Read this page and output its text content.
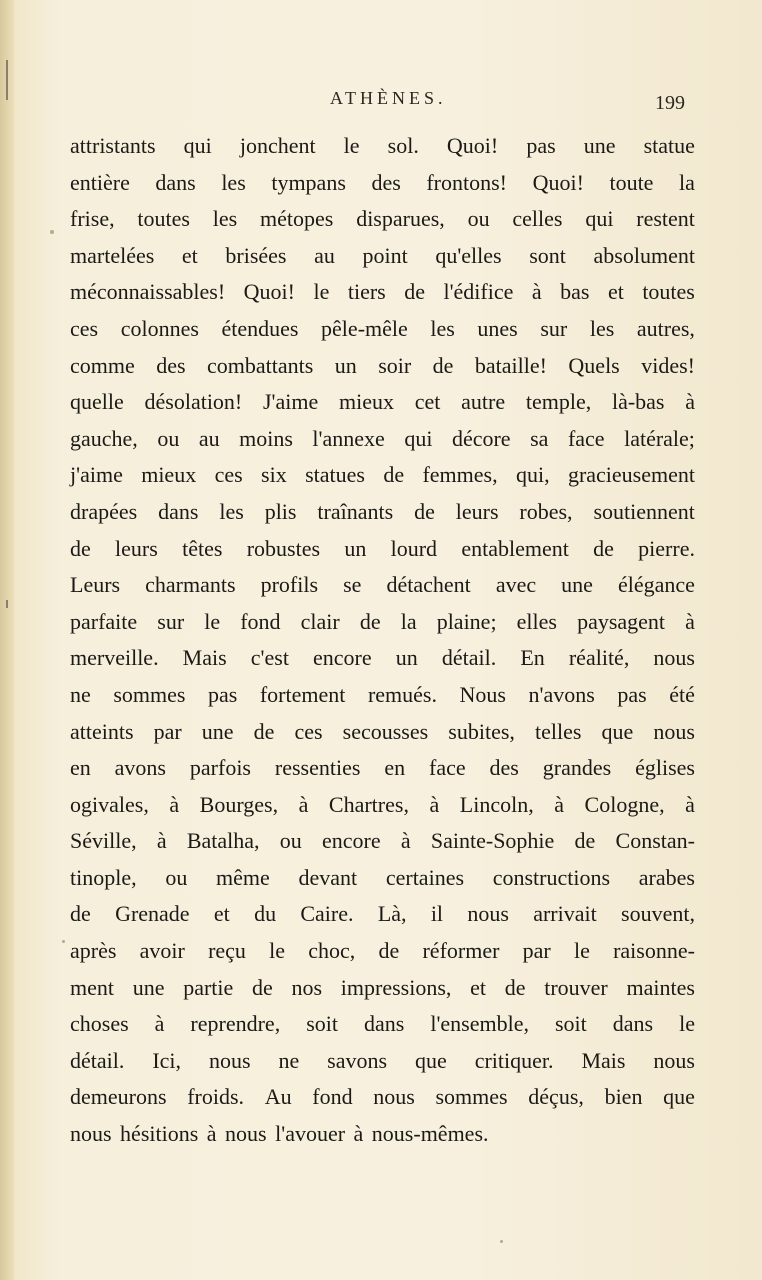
ATHÈNES.	199
attristants qui jonchent le sol. Quoi! pas une statue
entière dans les tympans des frontons! Quoi! toute la
frise, toutes les métopes disparues, ou celles qui restent
martelées et brisées au point qu'elles sont absolument
méconnaissables! Quoi! le tiers de l'édifice à bas et toutes
ces colonnes étendues pêle-mêle les unes sur les autres,
comme des combattants un soir de bataille! Quels vides!
quelle désolation! J'aime mieux cet autre temple, là-bas à
gauche, ou au moins l'annexe qui décore sa face latérale;
j'aime mieux ces six statues de femmes, qui, gracieusement
drapées dans les plis traînants de leurs robes, soutiennent
de leurs têtes robustes un lourd entablement de pierre.
Leurs charmants profils se détachent avec une élégance
parfaite sur le fond clair de la plaine; elles paysagent à
merveille. Mais c'est encore un détail. En réalité, nous
ne sommes pas fortement remués. Nous n'avons pas été
atteints par une de ces secousses subites, telles que nous
en avons parfois ressenties en face des grandes églises
ogivales, à Bourges, à Chartres, à Lincoln, à Cologne, à
Séville, à Batalha, ou encore à Sainte-Sophie de Constan-
tinople, ou même devant certaines constructions arabes
de Grenade et du Caire. Là, il nous arrivait souvent,
après avoir reçu le choc, de réformer par le raisonne-
ment une partie de nos impressions, et de trouver maintes
choses à reprendre, soit dans l'ensemble, soit dans le
détail. Ici, nous ne savons que critiquer. Mais nous
demeurons froids. Au fond nous sommes déçus, bien que
nous hésitions à nous l'avouer à nous-mêmes.
